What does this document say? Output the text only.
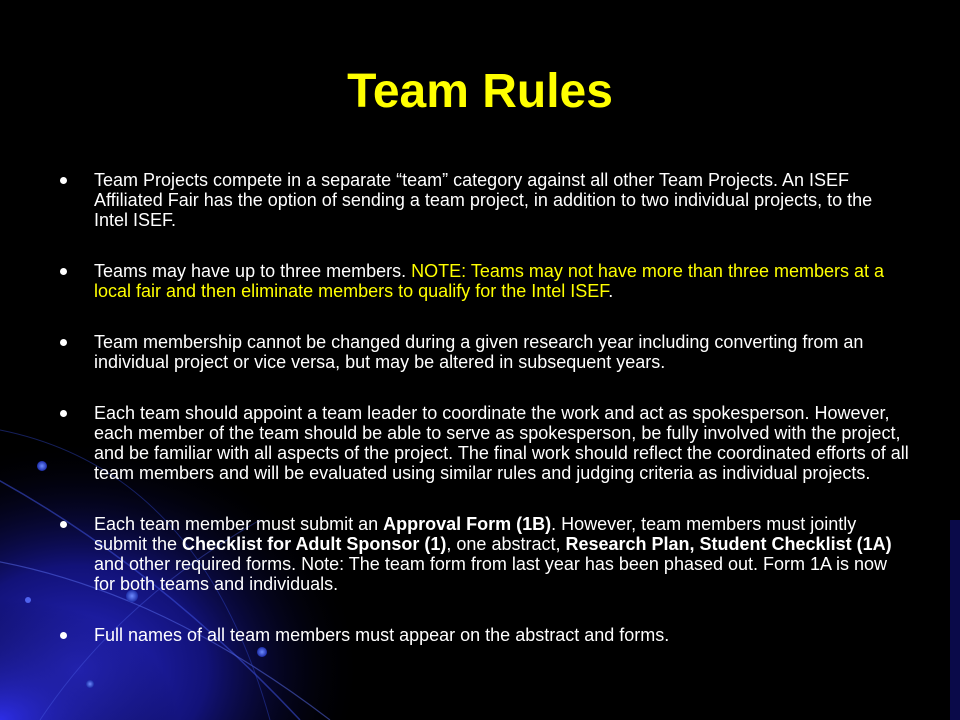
Team Rules
Team Projects compete in a separate “team” category against all other Team Projects. An ISEF Affiliated Fair has the option of sending a team project, in addition to two individual projects, to the Intel ISEF.
Teams may have up to three members. NOTE: Teams may not have more than three members at a local fair and then eliminate members to qualify for the Intel ISEF.
Team membership cannot be changed during a given research year including converting from an individual project or vice versa, but may be altered in subsequent years.
Each team should appoint a team leader to coordinate the work and act as spokesperson. However, each member of the team should be able to serve as spokesperson, be fully involved with the project, and be familiar with all aspects of the project. The final work should reflect the coordinated efforts of all team members and will be evaluated using similar rules and judging criteria as individual projects.
Each team member must submit an Approval Form (1B). However, team members must jointly submit the Checklist for Adult Sponsor (1), one abstract, Research Plan, Student Checklist (1A) and other required forms. Note: The team form from last year has been phased out. Form 1A is now for both teams and individuals.
Full names of all team members must appear on the abstract and forms.
